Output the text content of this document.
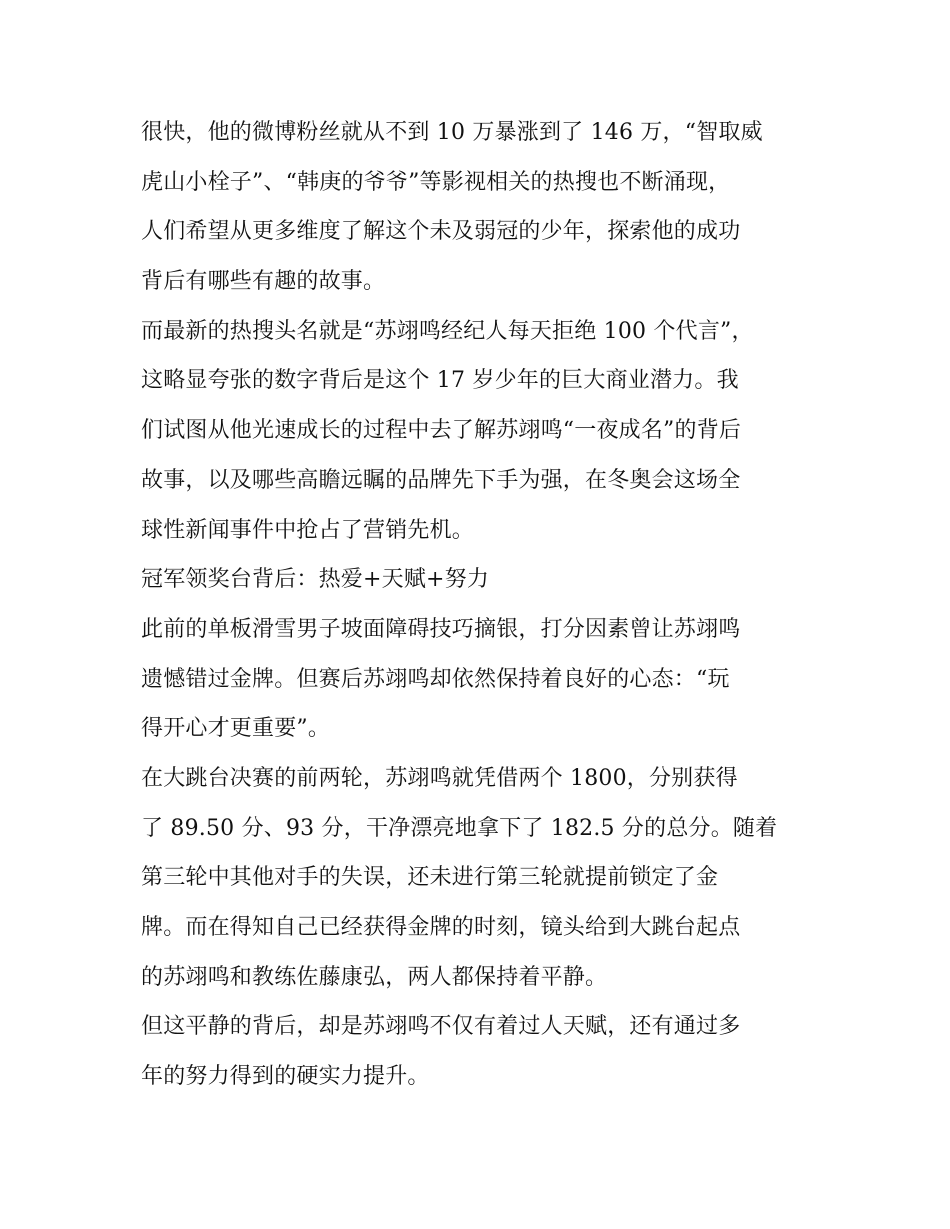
很快，他的微博粉丝就从不到 10 万暴涨到了 146 万，“智取威
虎山小栓子”、“韩庚的爷爷”等影视相关的热搜也不断涌现，
人们希望从更多维度了解这个未及弱冠的少年，探索他的成功
背后有哪些有趣的故事。
而最新的热搜头名就是“苏翊鸣经纪人每天拒绝 100 个代言”，
这略显夸张的数字背后是这个 17 岁少年的巨大商业潜力。我
们试图从他光速成长的过程中去了解苏翊鸣“一夜成名”的背后
故事，以及哪些高瞻远瞩的品牌先下手为强，在冬奥会这场全
球性新闻事件中抢占了营销先机。
冠军领奖台背后：热爱+天赋+努力
此前的单板滑雪男子坡面障碍技巧摘银，打分因素曾让苏翊鸣
遗憾错过金牌。但赛后苏翊鸣却依然保持着良好的心态：“玩
得开心才更重要”。
在大跳台决赛的前两轮，苏翊鸣就凭借两个 1800，分别获得
了 89.50 分、93 分，干净漂亮地拿下了 182.5 分的总分。随着
第三轮中其他对手的失误，还未进行第三轮就提前锁定了金
牌。而在得知自己已经获得金牌的时刻，镜头给到大跳台起点
的苏翊鸣和教练佐藤康弘，两人都保持着平静。
但这平静的背后，却是苏翊鸣不仅有着过人天赋，还有通过多
年的努力得到的硬实力提升。
